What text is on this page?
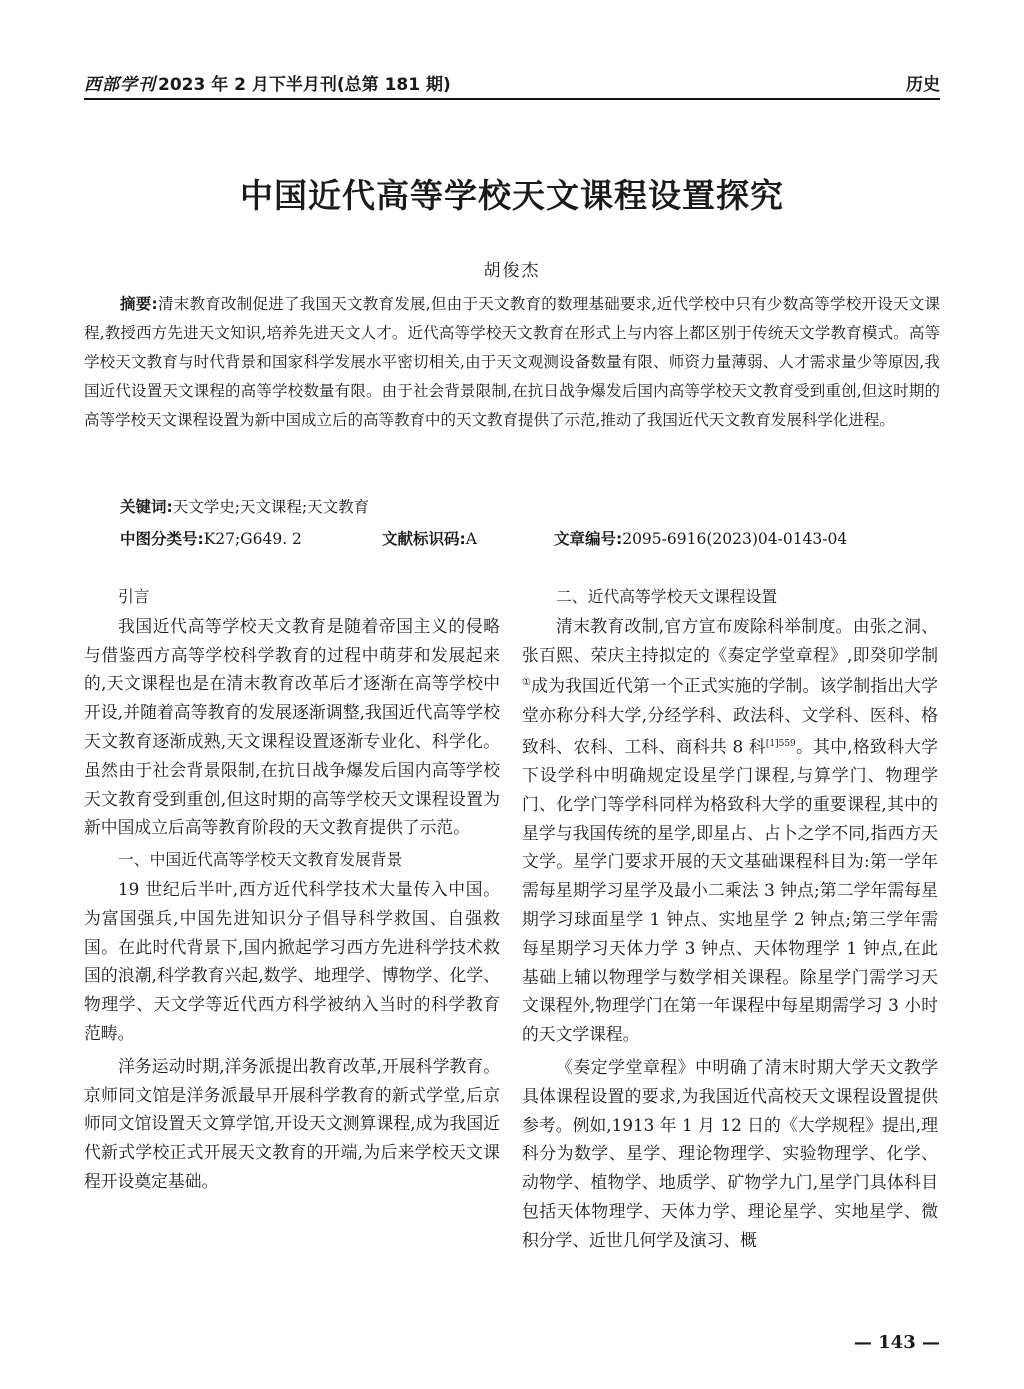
西部学刊 2023 年 2 月下半月刊(总第 181 期)	历史
中国近代高等学校天文课程设置探究
胡俊杰
摘要:清末教育改制促进了我国天文教育发展,但由于天文教育的数理基础要求,近代学校中只有少数高等学校开设天文课程,教授西方先进天文知识,培养先进天文人才。近代高等学校天文教育在形式上与内容上都区别于传统天文学教育模式。高等学校天文教育与时代背景和国家科学发展水平密切相关,由于天文观测设备数量有限、师资力量薄弱、人才需求量少等原因,我国近代设置天文课程的高等学校数量有限。由于社会背景限制,在抗日战争爆发后国内高等学校天文教育受到重创,但这时期的高等学校天文课程设置为新中国成立后的高等教育中的天文教育提供了示范,推动了我国近代天文教育发展科学化进程。
关键词:天文学史;天文课程;天文教育
中图分类号:K27;G649. 2	文献标识码:A	文章编号:2095-6916(2023)04-0143-04
引言

我国近代高等学校天文教育是随着帝国主义的侵略与借鉴西方高等学校科学教育的过程中萌芽和发展起来的,天文课程也是在清末教育改革后才逐渐在高等学校中开设,并随着高等教育的发展逐渐调整,我国近代高等学校天文教育逐渐成熟,天文课程设置逐渐专业化、科学化。虽然由于社会背景限制,在抗日战争爆发后国内高等学校天文教育受到重创,但这时期的高等学校天文课程设置为新中国成立后高等教育阶段的天文教育提供了示范。

一、中国近代高等学校天文教育发展背景

19 世纪后半叶,西方近代科学技术大量传入中国。为富国强兵,中国先进知识分子倡导科学救国、自强救国。在此时代背景下,国内掀起学习西方先进科学技术救国的浪潮,科学教育兴起,数学、地理学、博物学、化学、物理学、天文学等近代西方科学被纳入当时的科学教育范畴。

洋务运动时期,洋务派提出教育改革,开展科学教育。京师同文馆是洋务派最早开展科学教育的新式学堂,后京师同文馆设置天文算学馆,开设天文测算课程,成为我国近代新式学校正式开展天文教育的开端,为后来学校天文课程开设奠定基础。

二、近代高等学校天文课程设置

清末教育改制,官方宣布废除科举制度。由张之洞、张百熙、荣庆主持拟定的《奏定学堂章程》,即癸卯学制①成为我国近代第一个正式实施的学制。该学制指出大学堂亦称分科大学,分经学科、政法科、文学科、医科、格致科、农科、工科、商科共 8 科$^{[1]559}$。其中,格致科大学下设学科中明确规定设星学门课程,与算学门、物理学门、化学门等学科同样为格致科大学的重要课程,其中的星学与我国传统的星学,即星占、占卜之学不同,指西方天文学。星学门要求开展的天文基础课程科目为:第一学年需每星期学习星学及最小二乘法 3 钟点;第二学年需每星期学习球面星学 1 钟点、实地星学 2 钟点;第三学年需每星期学习天体力学 3 钟点、天体物理学 1 钟点,在此基础上辅以物理学与数学相关课程。除星学门需学习天文课程外,物理学门在第一年课程中每星期需学习 3 小时的天文学课程。

《奏定学堂章程》中明确了清末时期大学天文教学具体课程设置的要求,为我国近代高校天文课程设置提供参考。例如,1913 年 1 月 12 日的《大学规程》提出,理科分为数学、星学、理论物理学、实验物理学、化学、动物学、植物学、地质学、矿物学九门,星学门具体科目包括天体物理学、天体力学、理论星学、实地星学、微积分学、近世几何学及演习、概

— 143 —
